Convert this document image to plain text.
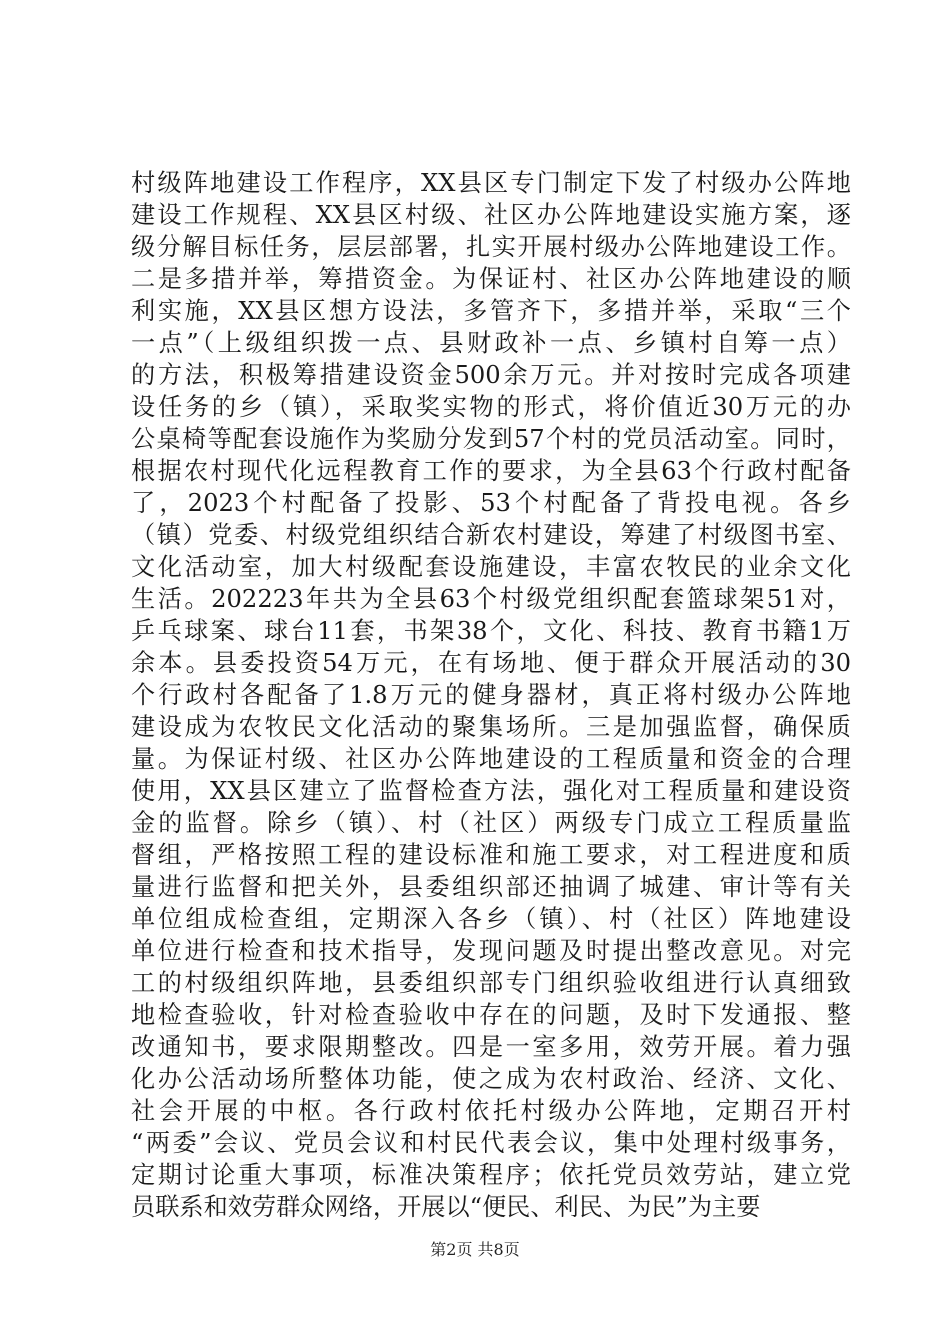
村级阵地建设工作程序，XX县区专门制定下发了村级办公阵地
建设工作规程、XX县区村级、社区办公阵地建设实施方案，逐
级分解目标任务，层层部署，扎实开展村级办公阵地建设工作。
二是多措并举，筹措资金。为保证村、社区办公阵地建设的顺
利实施，XX县区想方设法，多管齐下，多措并举，采取“三个
一点”（上级组织拨一点、县财政补一点、乡镇村自筹一点）
的方法，积极筹措建设资金500余万元。并对按时完成各项建
设任务的乡（镇），采取奖实物的形式，将价值近30万元的办
公桌椅等配套设施作为奖励分发到57个村的党员活动室。同时，
根据农村现代化远程教育工作的要求，为全县63个行政村配备
了，2023个村配备了投影、53个村配备了背投电视。各乡
（镇）党委、村级党组织结合新农村建设，筹建了村级图书室、
文化活动室，加大村级配套设施建设，丰富农牧民的业余文化
生活。202223年共为全县63个村级党组织配套篮球架51对，
乒乓球案、球台11套，书架38个，文化、科技、教育书籍1万
余本。县委投资54万元，在有场地、便于群众开展活动的30
个行政村各配备了1.8万元的健身器材，真正将村级办公阵地
建设成为农牧民文化活动的聚集场所。三是加强监督，确保质
量。为保证村级、社区办公阵地建设的工程质量和资金的合理
使用，XX县区建立了监督检查方法，强化对工程质量和建设资
金的监督。除乡（镇）、村（社区）两级专门成立工程质量监
督组，严格按照工程的建设标准和施工要求，对工程进度和质
量进行监督和把关外，县委组织部还抽调了城建、审计等有关
单位组成检查组，定期深入各乡（镇）、村（社区）阵地建设
单位进行检查和技术指导，发现问题及时提出整改意见。对完
工的村级组织阵地，县委组织部专门组织验收组进行认真细致
地检查验收，针对检查验收中存在的问题，及时下发通报、整
改通知书，要求限期整改。四是一室多用，效劳开展。着力强
化办公活动场所整体功能，使之成为农村政治、经济、文化、
社会开展的中枢。各行政村依托村级办公阵地，定期召开村
“两委”会议、党员会议和村民代表会议，集中处理村级事务，
定期讨论重大事项，标准决策程序；依托党员效劳站，建立党
员联系和效劳群众网络，开展以“便民、利民、为民”为主要
第2页 共8页
